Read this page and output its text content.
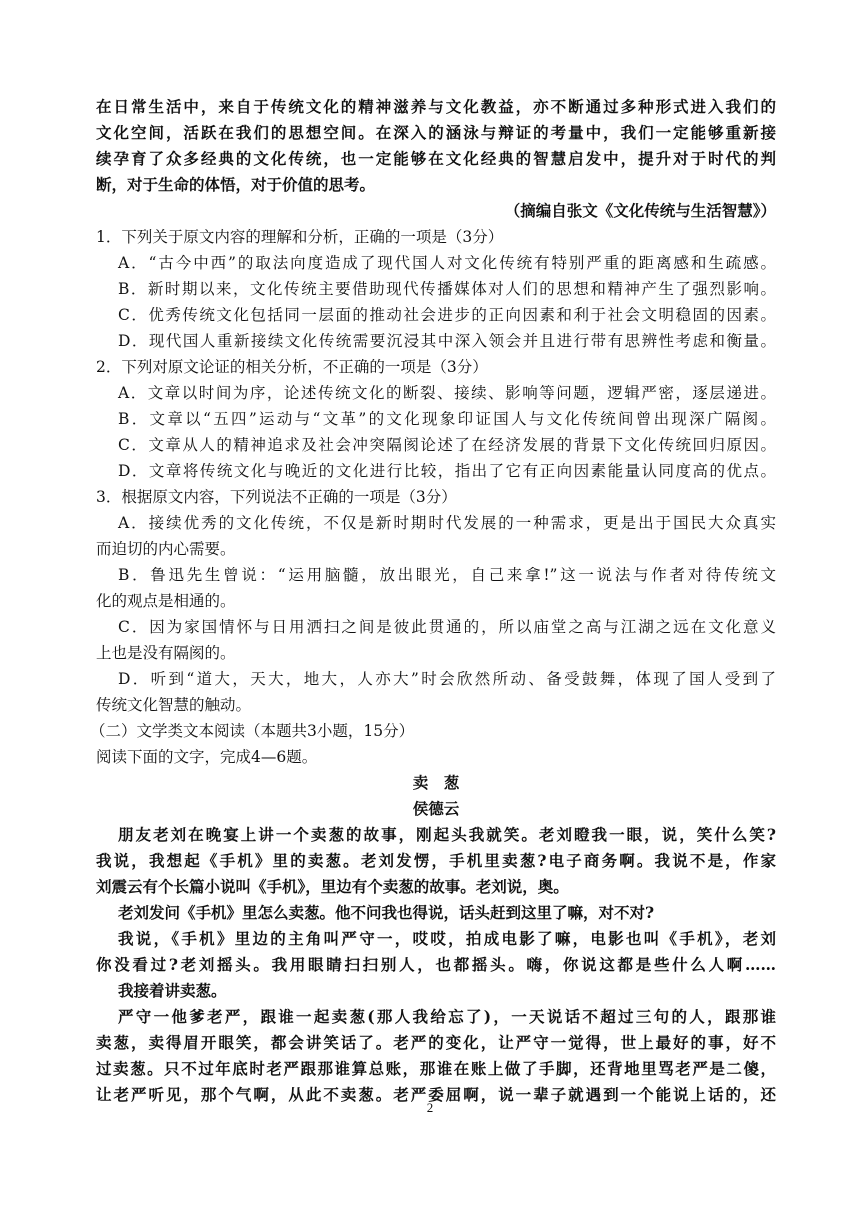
在日常生活中，来自于传统文化的精神滋养与文化教益，亦不断通过多种形式进入我们的
文化空间，活跃在我们的思想空间。在深入的涵泳与辩证的考量中，我们一定能够重新接
续孕育了众多经典的文化传统，也一定能够在文化经典的智慧启发中，提升对于时代的判
断，对于生命的体悟，对于价值的思考。
（摘编自张文《文化传统与生活智慧》）
1．下列关于原文内容的理解和分析，正确的一项是（3分）
A．“古今中西”的取法向度造成了现代国人对文化传统有特别严重的距离感和生疏感。
B．新时期以来，文化传统主要借助现代传播媒体对人们的思想和精神产生了强烈影响。
C．优秀传统文化包括同一层面的推动社会进步的正向因素和利于社会文明稳固的因素。
D．现代国人重新接续文化传统需要沉浸其中深入领会并且进行带有思辨性考虑和衡量。
2．下列对原文论证的相关分析，不正确的一项是（3分）
A．文章以时间为序，论述传统文化的断裂、接续、影响等问题，逻辑严密，逐层递进。
B．文章以“五四”运动与“文革”的文化现象印证国人与文化传统间曾出现深广隔阂。
C．文章从人的精神追求及社会冲突隔阂论述了在经济发展的背景下文化传统回归原因。
D．文章将传统文化与晚近的文化进行比较，指出了它有正向因素能量认同度高的优点。
3．根据原文内容，下列说法不正确的一项是（3分）
A．接续优秀的文化传统，不仅是新时期时代发展的一种需求，更是出于国民大众真实
而迫切的内心需要。
B．鲁迅先生曾说：“运用脑髓，放出眼光，自己来拿!”这一说法与作者对待传统文
化的观点是相通的。
C．因为家国情怀与日用洒扫之间是彼此贯通的，所以庙堂之高与江湖之远在文化意义
上也是没有隔阂的。
D．听到“道大，天大，地大，人亦大”时会欣然所动、备受鼓舞，体现了国人受到了
传统文化智慧的触动。
（二）文学类文本阅读（本题共3小题，15分）
阅读下面的文字，完成4—6题。
卖　葱
侯德云
朋友老刘在晚宴上讲一个卖葱的故事，刚起头我就笑。老刘瞪我一眼，说，笑什么笑?
我说，我想起《手机》里的卖葱。老刘发愣，手机里卖葱?电子商务啊。我说不是，作家
刘震云有个长篇小说叫《手机》，里边有个卖葱的故事。老刘说，奥。
老刘发问《手机》里怎么卖葱。他不问我也得说，话头赶到这里了嘛，对不对?
我说，《手机》里边的主角叫严守一，哎哎，拍成电影了嘛，电影也叫《手机》，老刘
你没看过?老刘摇头。我用眼睛扫扫别人，也都摇头。嗨，你说这都是些什么人啊……
我接着讲卖葱。
严守一他爹老严，跟谁一起卖葱(那人我给忘了)，一天说话不超过三句的人，跟那谁
卖葱，卖得眉开眼笑，都会讲笑话了。老严的变化，让严守一觉得，世上最好的事，好不
过卖葱。只不过年底时老严跟那谁算总账，那谁在账上做了手脚，还背地里骂老严是二傻，
让老严听见，那个气啊，从此不卖葱。老严委屈啊，说一辈子就遇到一个能说上话的，还
2
